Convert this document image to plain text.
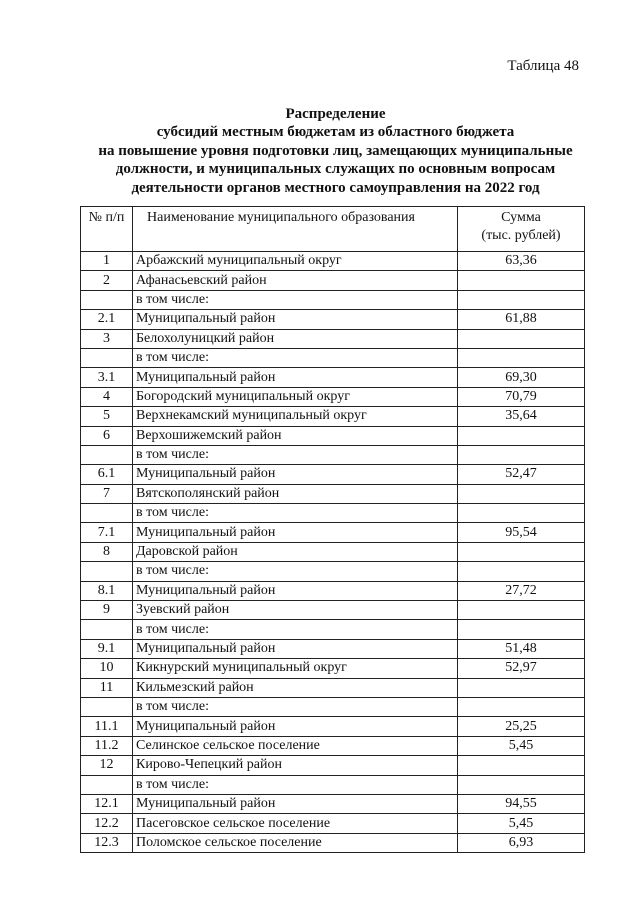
Таблица 48
Распределение
субсидий местным бюджетам из областного бюджета
на повышение уровня подготовки лиц, замещающих муниципальные
должности, и муниципальных служащих по основным вопросам
деятельности органов местного самоуправления на 2022 год
№ п/п	Наименование муниципального образования	Сумма
(тыс. рублей)

1	Арбажский муниципальный округ	63,36
2	Афанасьевский район	
	в том числе:	
2.1	Муниципальный район	61,88
3	Белохолуницкий район	
	в том числе:	
3.1	Муниципальный район	69,30
4	Богородский муниципальный округ	70,79
5	Верхнекамский муниципальный округ	35,64
6	Верхошижемский район	
	в том числе:	
6.1	Муниципальный район	52,47
7	Вятскополянский район	
	в том числе:	
7.1	Муниципальный район	95,54
8	Даровской район	
	в том числе:	
8.1	Муниципальный район	27,72
9	Зуевский район	
	в том числе:	
9.1	Муниципальный район	51,48
10	Кикнурский муниципальный округ	52,97
11	Кильмезский район	
	в том числе:	
11.1	Муниципальный район	25,25
11.2	Селинское сельское поселение	5,45
12	Кирово-Чепецкий район	
	в том числе:	
12.1	Муниципальный район	94,55
12.2	Пасеговское сельское поселение	5,45
12.3	Поломское сельское поселение	6,93
